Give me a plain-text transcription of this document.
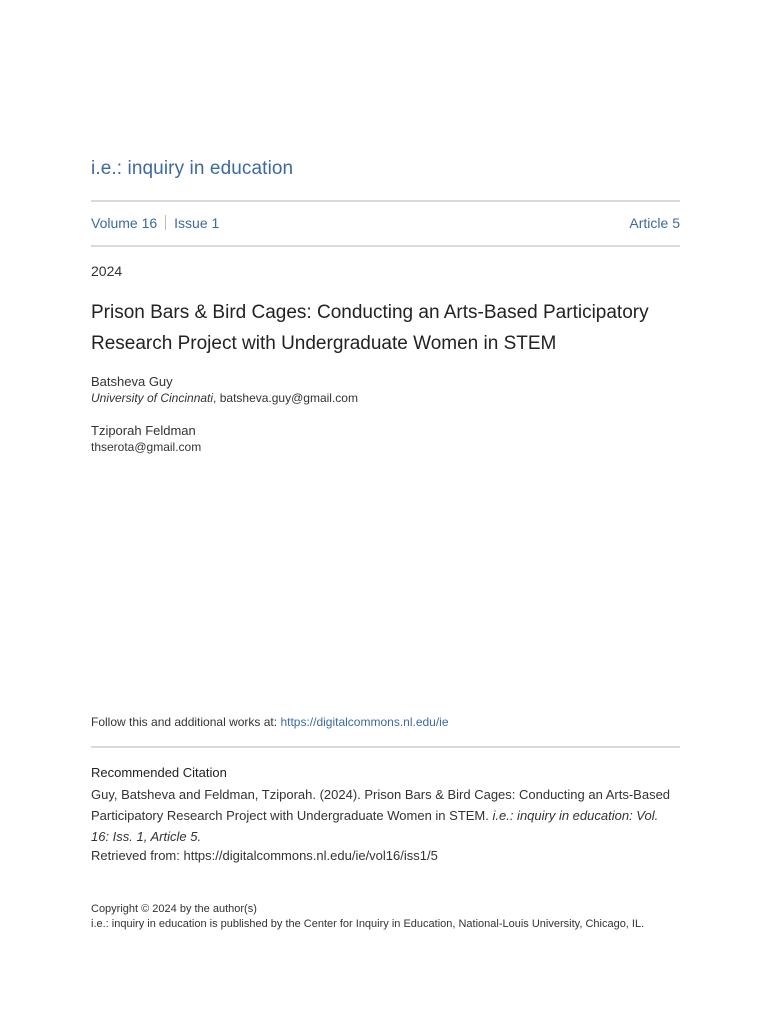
i.e.: inquiry in education
Volume 16 Issue 1	Article 5
2024
Prison Bars & Bird Cages: Conducting an Arts-Based Participatory Research Project with Undergraduate Women in STEM
Batsheva Guy
University of Cincinnati, batsheva.guy@gmail.com
Tziporah Feldman
thserota@gmail.com
Follow this and additional works at: https://digitalcommons.nl.edu/ie
Recommended Citation
Guy, Batsheva and Feldman, Tziporah. (2024). Prison Bars & Bird Cages: Conducting an Arts-Based Participatory Research Project with Undergraduate Women in STEM. i.e.: inquiry in education: Vol. 16: Iss. 1, Article 5.
Retrieved from: https://digitalcommons.nl.edu/ie/vol16/iss1/5
Copyright © 2024 by the author(s)
i.e.: inquiry in education is published by the Center for Inquiry in Education, National-Louis University, Chicago, IL.
